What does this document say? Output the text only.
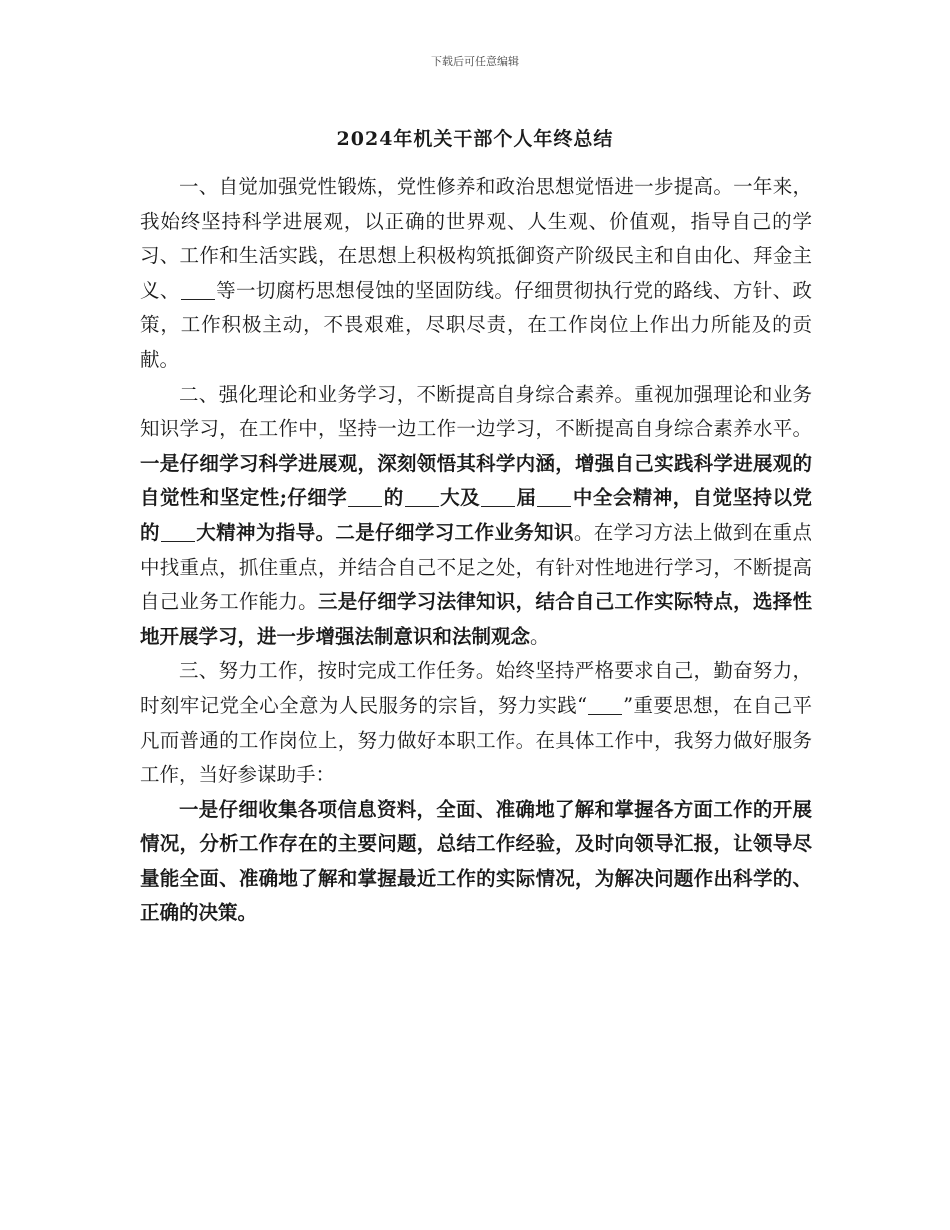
下载后可任意编辑
2024年机关干部个人年终总结

一、自觉加强党性锻炼，党性修养和政治思想觉悟进一步提高。一年来，我始终坚持科学进展观，以正确的世界观、人生观、价值观，指导自己的学习、工作和生活实践，在思想上积极构筑抵御资产阶级民主和自由化、拜金主义、 等一切腐朽思想侵蚀的坚固防线。仔细贯彻执行党的路线、方针、政策，工作积极主动，不畏艰难，尽职尽责，在工作岗位上作出力所能及的贡献。

二、强化理论和业务学习，不断提高自身综合素养。重视加强理论和业务知识学习，在工作中，坚持一边工作一边学习，不断提高自身综合素养水平。一是仔细学习科学进展观，深刻领悟其科学内涵，增强自己实践科学进展观的自觉性和坚定性;仔细学 的 大及 届 中全会精神，自觉坚持以党的 大精神为指导。二是仔细学习工作业务知识。在学习方法上做到在重点中找重点，抓住重点，并结合自己不足之处，有针对性地进行学习，不断提高自己业务工作能力。三是仔细学习法律知识，结合自己工作实际特点，选择性地开展学习，进一步增强法制意识和法制观念。

三、努力工作，按时完成工作任务。始终坚持严格要求自己，勤奋努力，时刻牢记党全心全意为人民服务的宗旨，努力实践“ ”重要思想，在自己平凡而普通的工作岗位上，努力做好本职工作。在具体工作中，我努力做好服务工作，当好参谋助手：

一是仔细收集各项信息资料，全面、准确地了解和掌握各方面工作的开展情况，分析工作存在的主要问题，总结工作经验，及时向领导汇报，让领导尽量能全面、准确地了解和掌握最近工作的实际情况，为解决问题作出科学的、正确的决策。
